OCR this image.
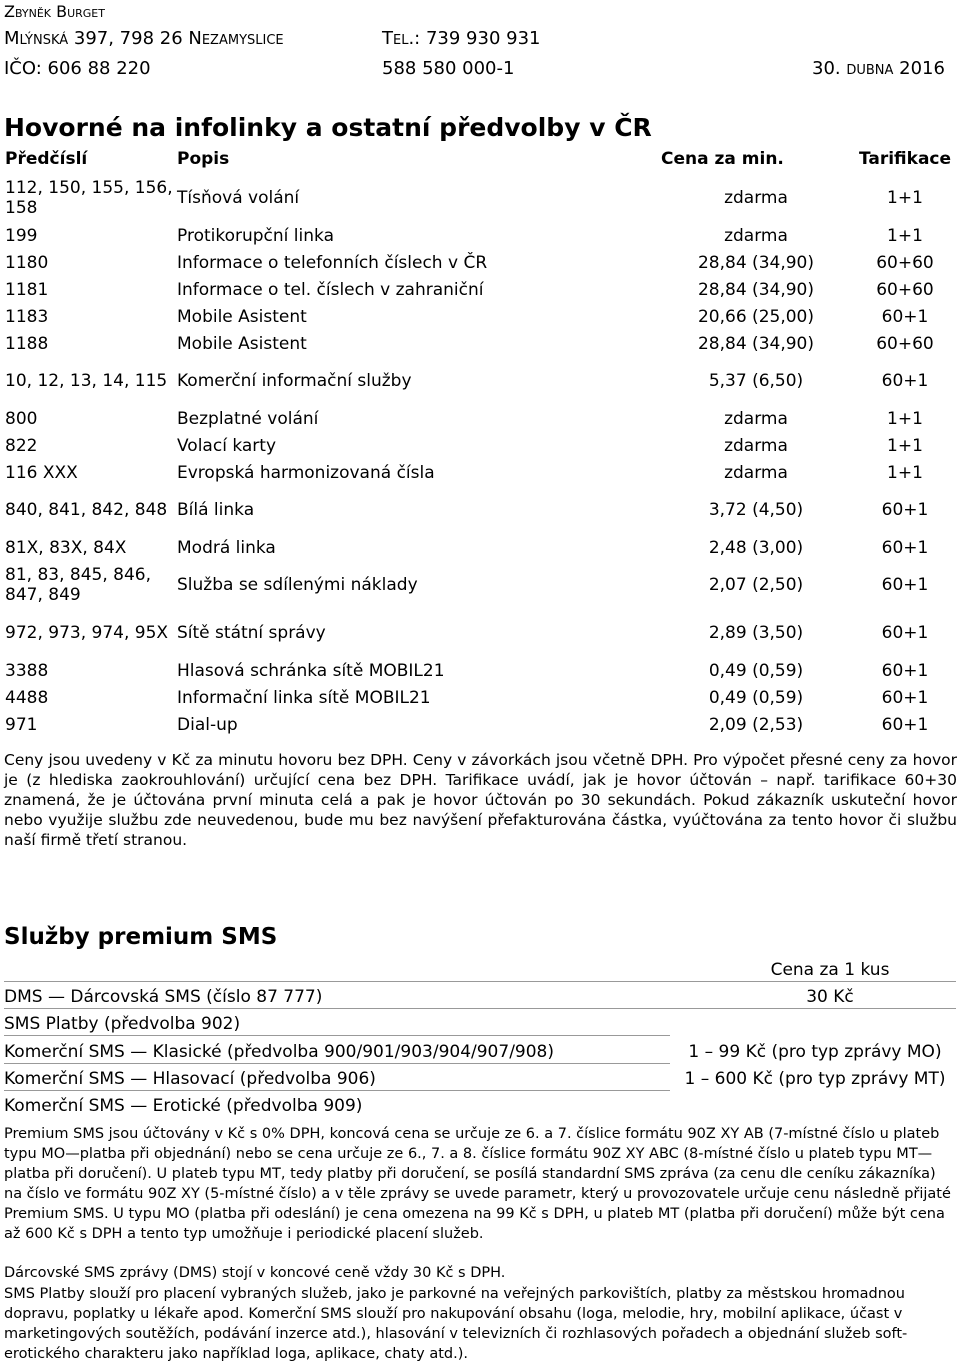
Zbyněk Burget
Mlýnská 397, 798 26 Nezamyslice	Tel.: 739 930 931
IČO: 606 88 220	588 580 000-1	30. dubna 2016
Hovorné na infolinky a ostatní předvolby v ČR
Předčíslí	Popis	Cena za min.	Tarifikace
112, 150, 155, 156, 158	Tísňová volání	zdarma	1+1
199	Protikorupční linka	zdarma	1+1
1180	Informace o telefonních číslech v ČR	28,84 (34,90)	60+60
1181	Informace o tel. číslech v zahraniční	28,84 (34,90)	60+60
1183	Mobile Asistent	20,66 (25,00)	60+1
1188	Mobile Asistent	28,84 (34,90)	60+60
10, 12, 13, 14, 115	Komerční informační služby	5,37 (6,50)	60+1
800	Bezplatné volání	zdarma	1+1
822	Volací karty	zdarma	1+1
116 XXX	Evropská harmonizovaná čísla	zdarma	1+1
840, 841, 842, 848	Bílá linka	3,72 (4,50)	60+1
81X, 83X, 84X	Modrá linka	2,48 (3,00)	60+1
81, 83, 845, 846, 847, 849	Služba se sdílenými náklady	2,07 (2,50)	60+1
972, 973, 974, 95X	Sítě státní správy	2,89 (3,50)	60+1
3388	Hlasová schránka sítě MOBIL21	0,49 (0,59)	60+1
4488	Informační linka sítě MOBIL21	0,49 (0,59)	60+1
971	Dial-up	2,09 (2,53)	60+1

Ceny jsou uvedeny v Kč za minutu hovoru bez DPH. Ceny v závorkách jsou včetně DPH. Pro výpočet přesné ceny za hovor je (z hlediska zaokrouhlování) určující cena bez DPH. Tarifikace uvádí, jak je hovor účtován – např. tarifikace 60+30 znamená, že je účtována první minuta celá a pak je hovor účtován po 30 sekundách. Pokud zákazník uskuteční hovor nebo využije službu zde neuvedenou, bude mu bez navýšení přefakturována částka, vyúčtována za tento hovor či službu naší firmě třetí stranou.

Služby premium SMS
Cena za 1 kus
DMS — Dárcovská SMS (číslo 87 777)	30 Kč
SMS Platby (předvolba 902)
Komerční SMS — Klasické (předvolba 900/901/903/904/907/908)	1 – 99 Kč (pro typ zprávy MO)
Komerční SMS — Hlasovací (předvolba 906)	1 – 600 Kč (pro typ zprávy MT)
Komerční SMS — Erotické (předvolba 909)

Premium SMS jsou účtovány v Kč s 0% DPH, koncová cena se určuje ze 6. a 7. číslice formátu 90Z XY AB (7-místné číslo u plateb typu MO—platba při objednání) nebo se cena určuje ze 6., 7. a 8. číslice formátu 90Z XY ABC (8-místné číslo u plateb typu MT— platba při doručení). U plateb typu MT, tedy platby při doručení, se posílá standardní SMS zpráva (za cenu dle ceníku zákazníka) na číslo ve formátu 90Z XY (5-místné číslo) a v těle zprávy se uvede parametr, který u provozovatele určuje cenu následně přijaté Premium SMS. U typu MO (platba při odeslání) je cena omezena na 99 Kč s DPH, u plateb MT (platba při doručení) může být cena až 600 Kč s DPH a tento typ umožňuje i periodické placení služeb.

Dárcovské SMS zprávy (DMS) stojí v koncové ceně vždy 30 Kč s DPH.

SMS Platby slouží pro placení vybraných služeb, jako je parkovné na veřejných parkovištích, platby za městskou hromadnou dopravu, poplatky u lékaře apod. Komerční SMS slouží pro nakupování obsahu (loga, melodie, hry, mobilní aplikace, účast v marketingových soutěžích, podávání inzerce atd.), hlasování v televizních či rozhlasových pořadech a objednání služeb soft-erotického charakteru jako například loga, aplikace, chaty atd.).
